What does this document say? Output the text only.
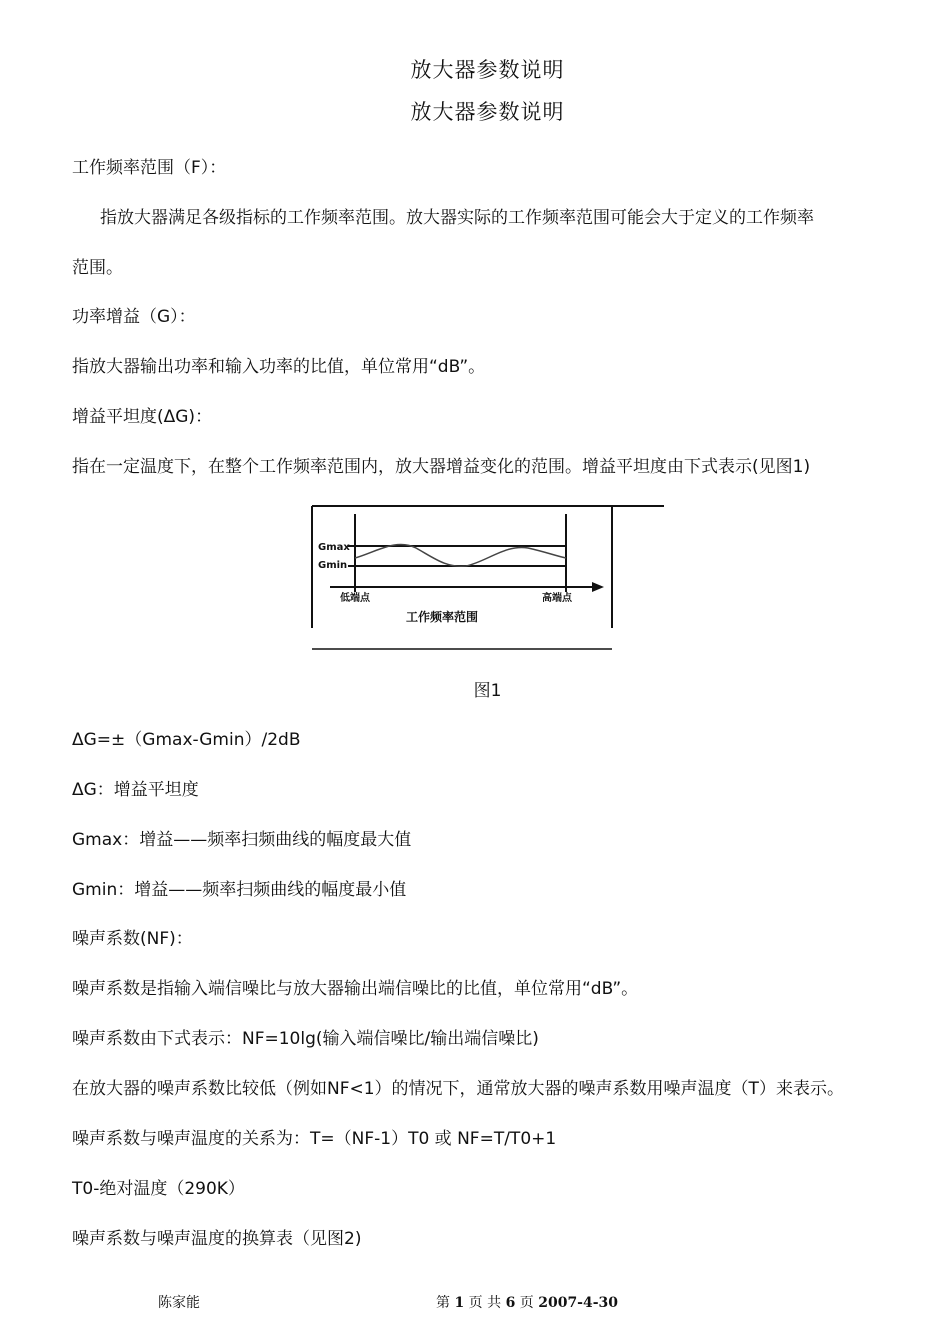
放大器参数说明
放大器参数说明
工作频率范围（F）：
指放大器满足各级指标的工作频率范围。放大器实际的工作频率范围可能会大于定义的工作频率
范围。
功率增益（G）：
指放大器输出功率和输入功率的比值，单位常用“dB”。
增益平坦度(ΔG)：
指在一定温度下，在整个工作频率范围内，放大器增益变化的范围。增益平坦度由下式表示(见图1)
Gmax
Gmin
低端点	高端点
工作频率范围
图1
ΔG=±（Gmax-Gmin）/2dB
ΔG：增益平坦度
Gmax：增益——频率扫频曲线的幅度最大值
Gmin：增益——频率扫频曲线的幅度最小值
噪声系数(NF)：
噪声系数是指输入端信噪比与放大器输出端信噪比的比值，单位常用“dB”。
噪声系数由下式表示：NF=10lg(输入端信噪比/输出端信噪比)
在放大器的噪声系数比较低（例如NF<1）的情况下，通常放大器的噪声系数用噪声温度（T）来表示。
噪声系数与噪声温度的关系为：T=（NF-1）T0 或 NF=T/T0+1
T0-绝对温度（290K）
噪声系数与噪声温度的换算表（见图2)
陈家能	第 1 页 共 6 页 2007-4-30
